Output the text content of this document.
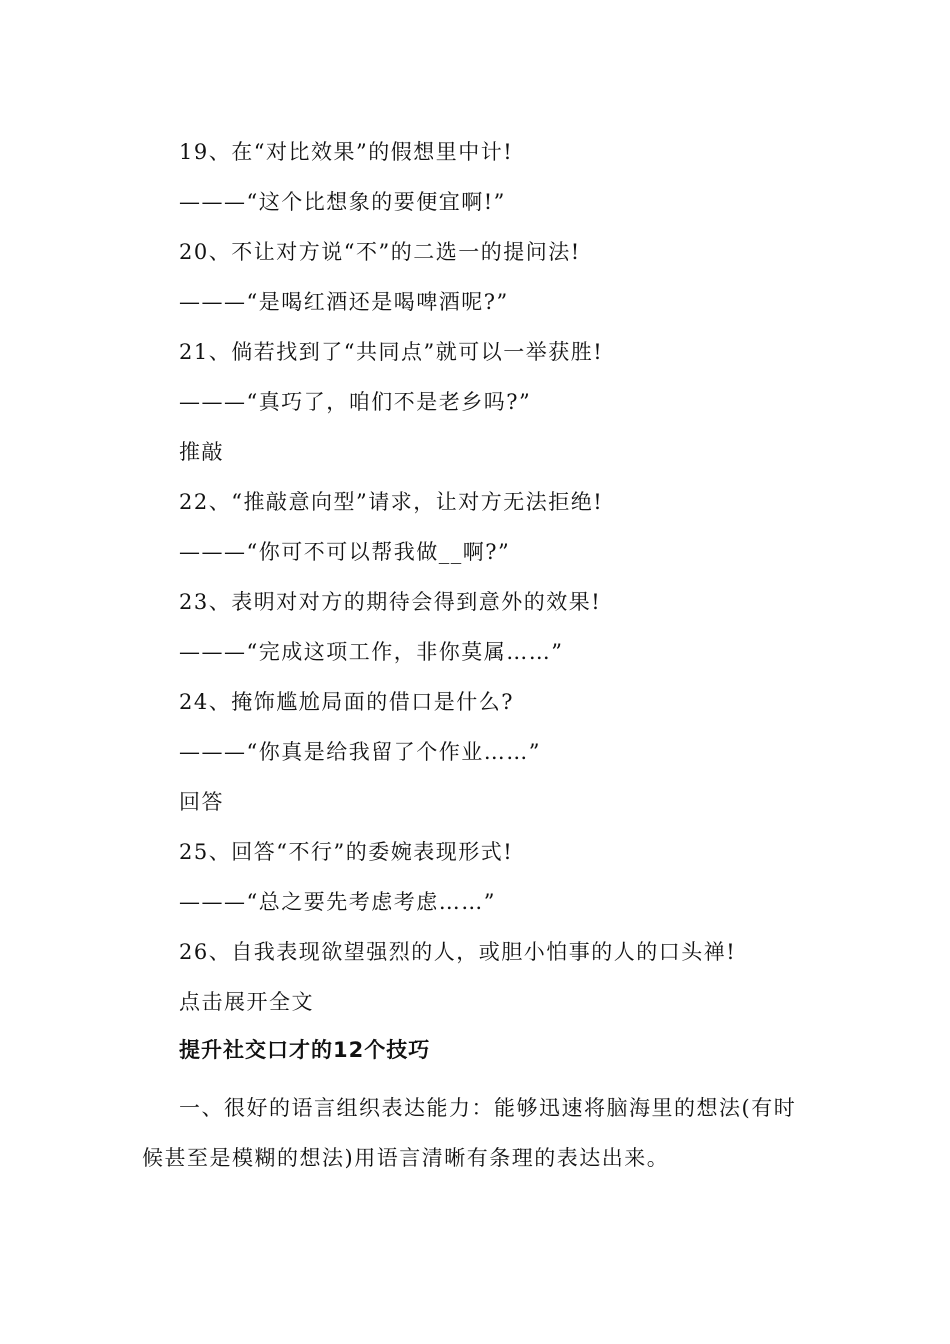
19、在“对比效果”的假想里中计!
———“这个比想象的要便宜啊!”
20、不让对方说“不”的二选一的提问法!
———“是喝红酒还是喝啤酒呢?”
21、倘若找到了“共同点”就可以一举获胜!
———“真巧了，咱们不是老乡吗?”
推敲
22、“推敲意向型”请求，让对方无法拒绝!
———“你可不可以帮我做__啊?”
23、表明对对方的期待会得到意外的效果!
———“完成这项工作，非你莫属……”
24、掩饰尴尬局面的借口是什么?
———“你真是给我留了个作业……”
回答
25、回答“不行”的委婉表现形式!
———“总之要先考虑考虑……”
26、自我表现欲望强烈的人，或胆小怕事的人的口头禅!
点击展开全文
提升社交口才的12个技巧
一、很好的语言组织表达能力：能够迅速将脑海里的想法(有时候甚至是模糊的想法)用语言清晰有条理的表达出来。
